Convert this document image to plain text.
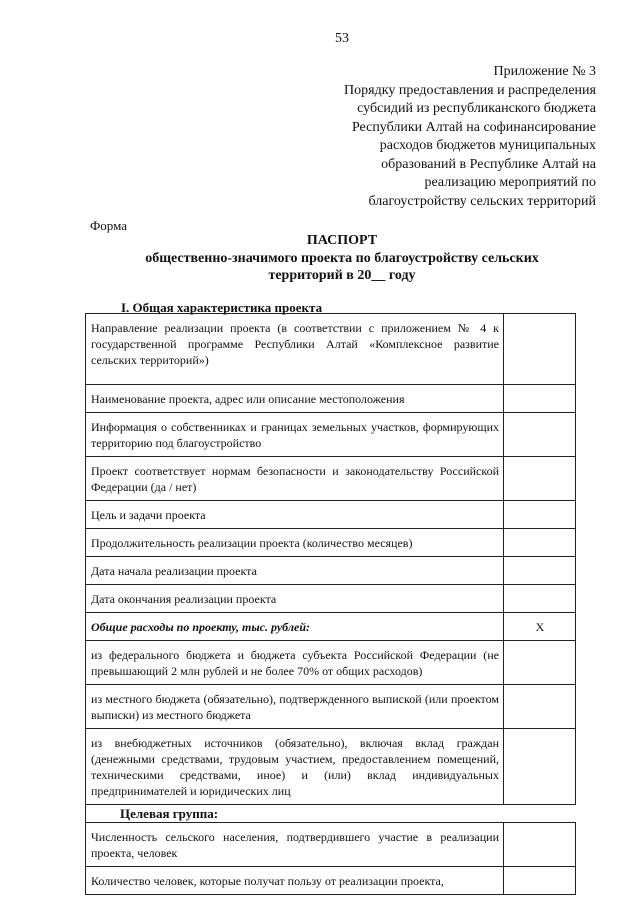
53
Приложение № 3
Порядку предоставления и распределения
субсидий из республиканского бюджета
Республики Алтай на софинансирование
расходов бюджетов муниципальных
образований в Республике Алтай на
реализацию мероприятий по
благоустройству сельских территорий
Форма
ПАСПОРТ
общественно-значимого проекта по благоустройству сельских
территорий в 20__ году
I. Общая характеристика проекта
Направление реализации проекта (в соответствии с приложением № 4 к государственной программе Республики Алтай «Комплексное развитие сельских территорий»)	
Наименование проекта, адрес или описание местоположения	
Информация о собственниках и границах земельных участков, формирующих территорию под благоустройство	
Проект соответствует нормам безопасности и законодательству Российской Федерации (да / нет)	
Цель и задачи проекта	
Продолжительность реализации проекта (количество месяцев)	
Дата начала реализации проекта	
Дата окончания реализации проекта	
Общие расходы по проекту, тыс. рублей:	Х
из федерального бюджета и бюджета субъекта Российской Федерации (не превышающий 2 млн рублей и не более 70% от общих расходов)	
из местного бюджета (обязательно), подтвержденного выпиской (или проектом выписки) из местного бюджета	
из внебюджетных источников (обязательно), включая вклад граждан (денежными средствами, трудовым участием, предоставлением помещений, техническими средствами, иное) и (или) вклад индивидуальных предпринимателей и юридических лиц	
Целевая группа:	
Численность сельского населения, подтвердившего участие в реализации проекта, человек	
Количество человек, которые получат пользу от реализации проекта,	
